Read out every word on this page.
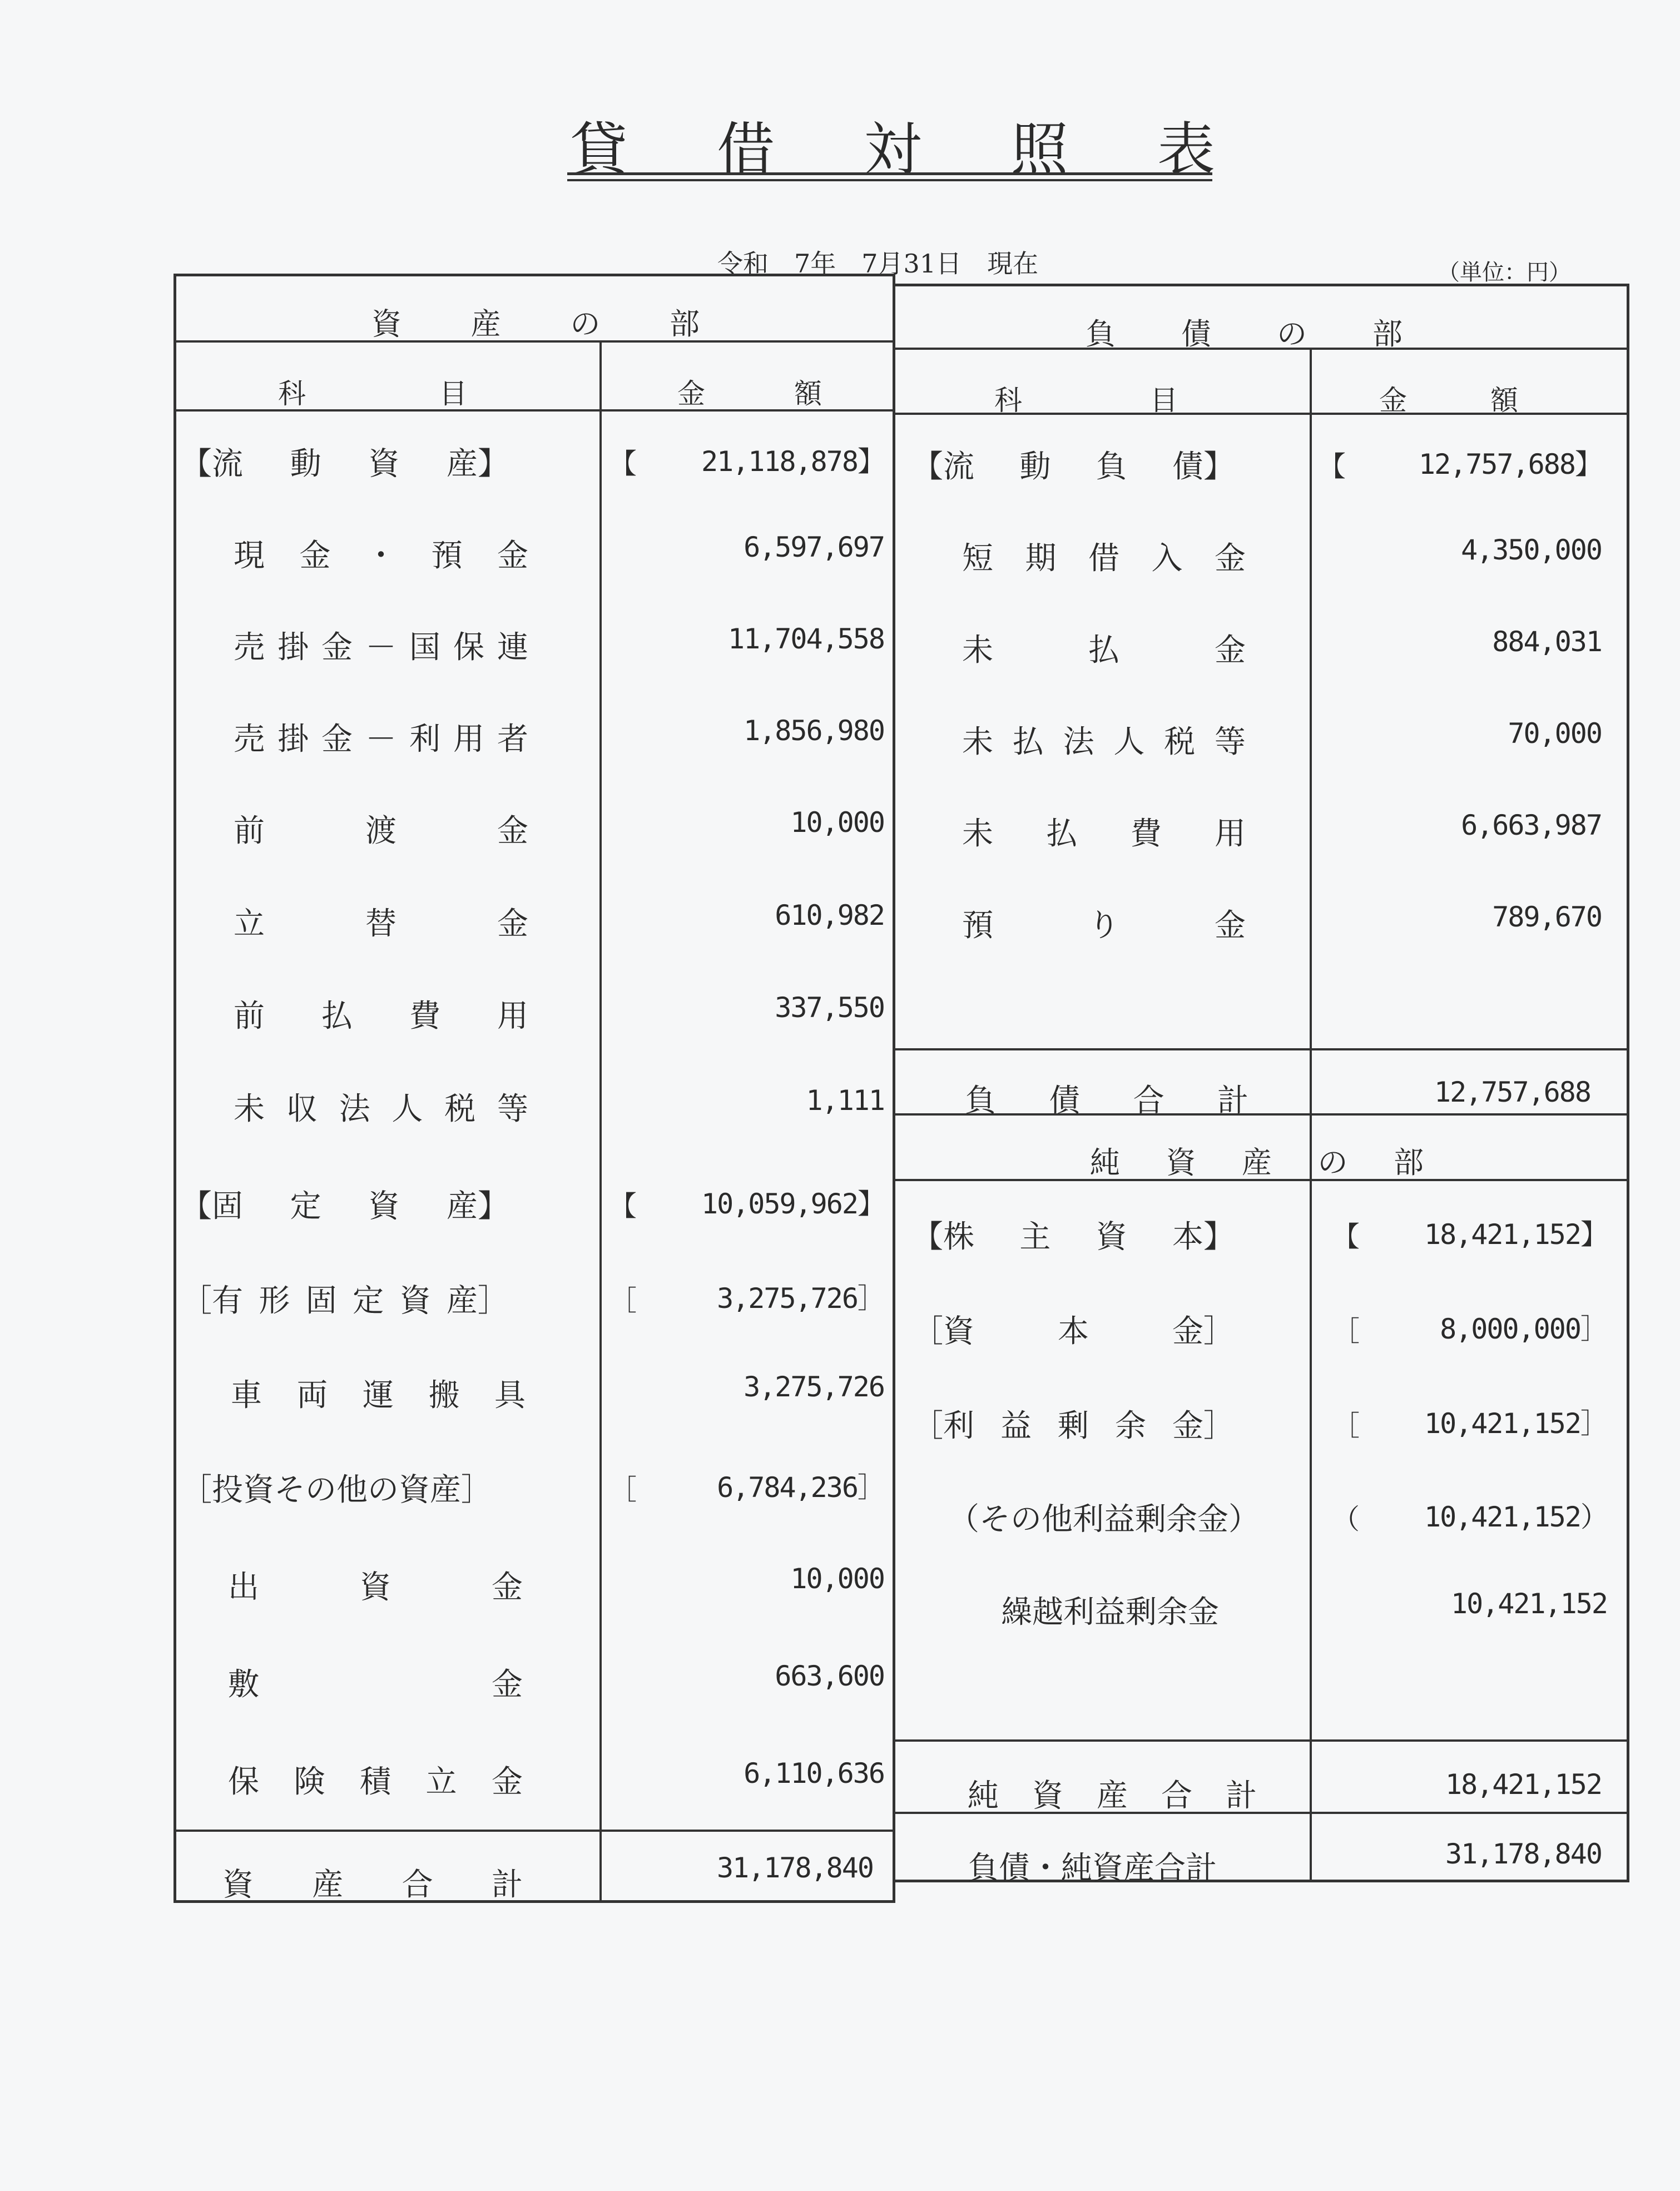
貸 借 対 照 表
令和　7年　7月31日　現在	（単位：円）
資 産 の 部
科	目	金	額
負 債 の 部
科	目	金	額
【流 動 資 産】	【	21,118,878】
現 金 ・ 預 金	6,597,697
売 掛 金 － 国 保 連	11,704,558
売 掛 金 － 利 用 者	1,856,980
前	渡	金	10,000
立	替	金	610,982
前 払 費 用	337,550
未 収 法 人 税 等	1,111
【固 定 資 産】	【	10,059,962】
［有 形 固 定 資 産］	［	3,275,726］
車 両 運 搬 具	3,275,726
［投資その他の資産］	［	6,784,236］
出	資	金	10,000
敷	金	663,600
保 険 積 立 金	6,110,636
【流 動 負 債】	【	12,757,688】
短 期 借 入 金	4,350,000
未	払	金	884,031
未 払 法 人 税 等	70,000
未 払 費 用	6,663,987
預	り	金	789,670
【株 主 資 本】	【	18,421,152】
［資	本	金］	［	8,000,000］
［利 益 剰 余 金］	［	10,421,152］
（その他利益剰余金）	（	10,421,152）
繰越利益剰余金	10,421,152
資 産 合 計	31,178,840
負 債 合 計	12,757,688
純 資 産 の 部
純 資 産 合 計	18,421,152
負債・純資産合計	31,178,840
